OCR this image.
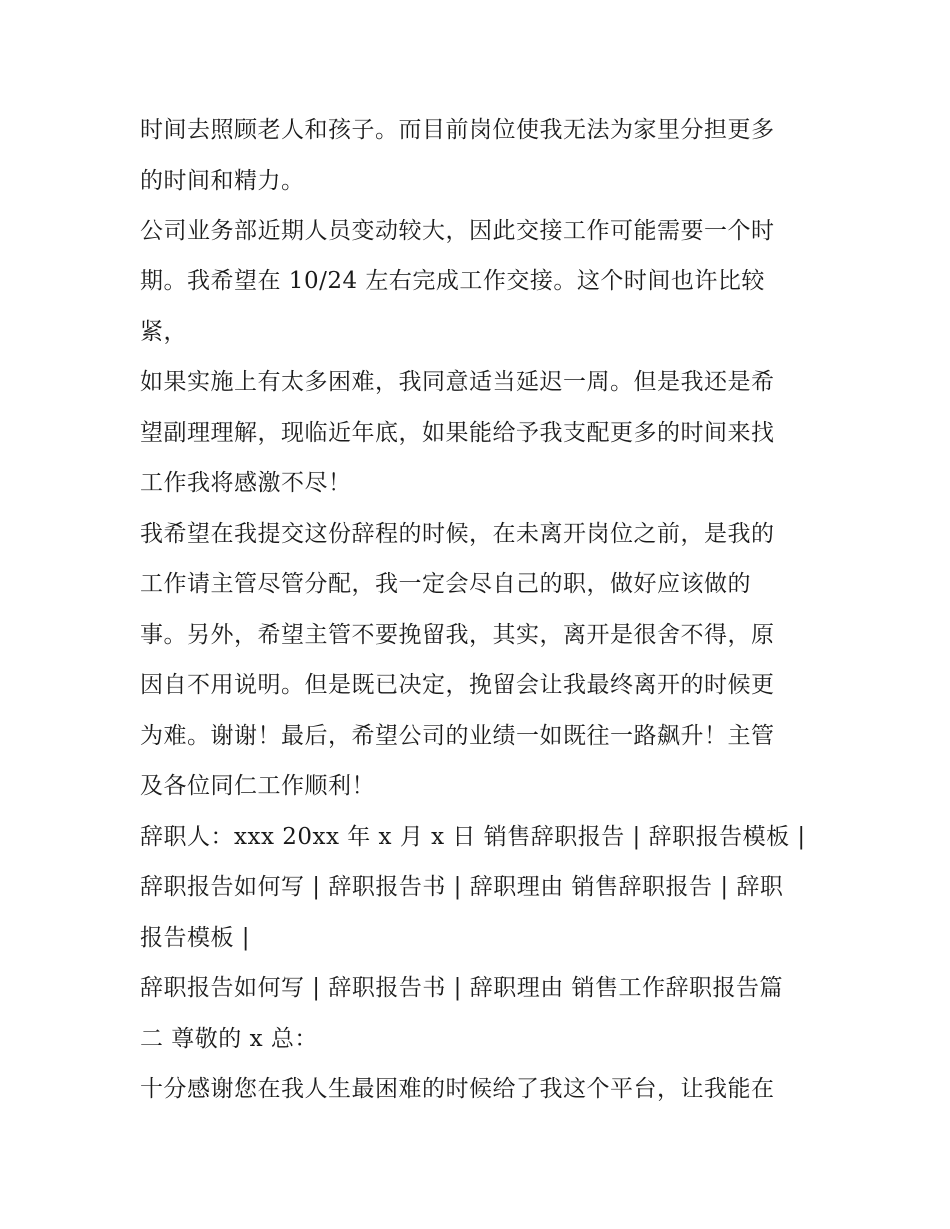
时间去照顾老人和孩子。而目前岗位使我无法为家里分担更多
的时间和精力。
公司业务部近期人员变动较大，因此交接工作可能需要一个时
期。我希望在 10/24 左右完成工作交接。这个时间也许比较
紧，
如果实施上有太多困难，我同意适当延迟一周。但是我还是希
望副理理解，现临近年底，如果能给予我支配更多的时间来找
工作我将感激不尽！
我希望在我提交这份辞程的时候，在未离开岗位之前，是我的
工作请主管尽管分配，我一定会尽自己的职，做好应该做的
事。另外，希望主管不要挽留我，其实，离开是很舍不得，原
因自不用说明。但是既已决定，挽留会让我最终离开的时候更
为难。谢谢！最后，希望公司的业绩一如既往一路飙升！主管
及各位同仁工作顺利！
辞职人：xxx 20xx 年 x 月 x 日 销售辞职报告 | 辞职报告模板 |
辞职报告如何写 | 辞职报告书 | 辞职理由 销售辞职报告 | 辞职
报告模板 |
辞职报告如何写 | 辞职报告书 | 辞职理由 销售工作辞职报告篇
二 尊敬的 x 总：
十分感谢您在我人生最困难的时候给了我这个平台，让我能在
